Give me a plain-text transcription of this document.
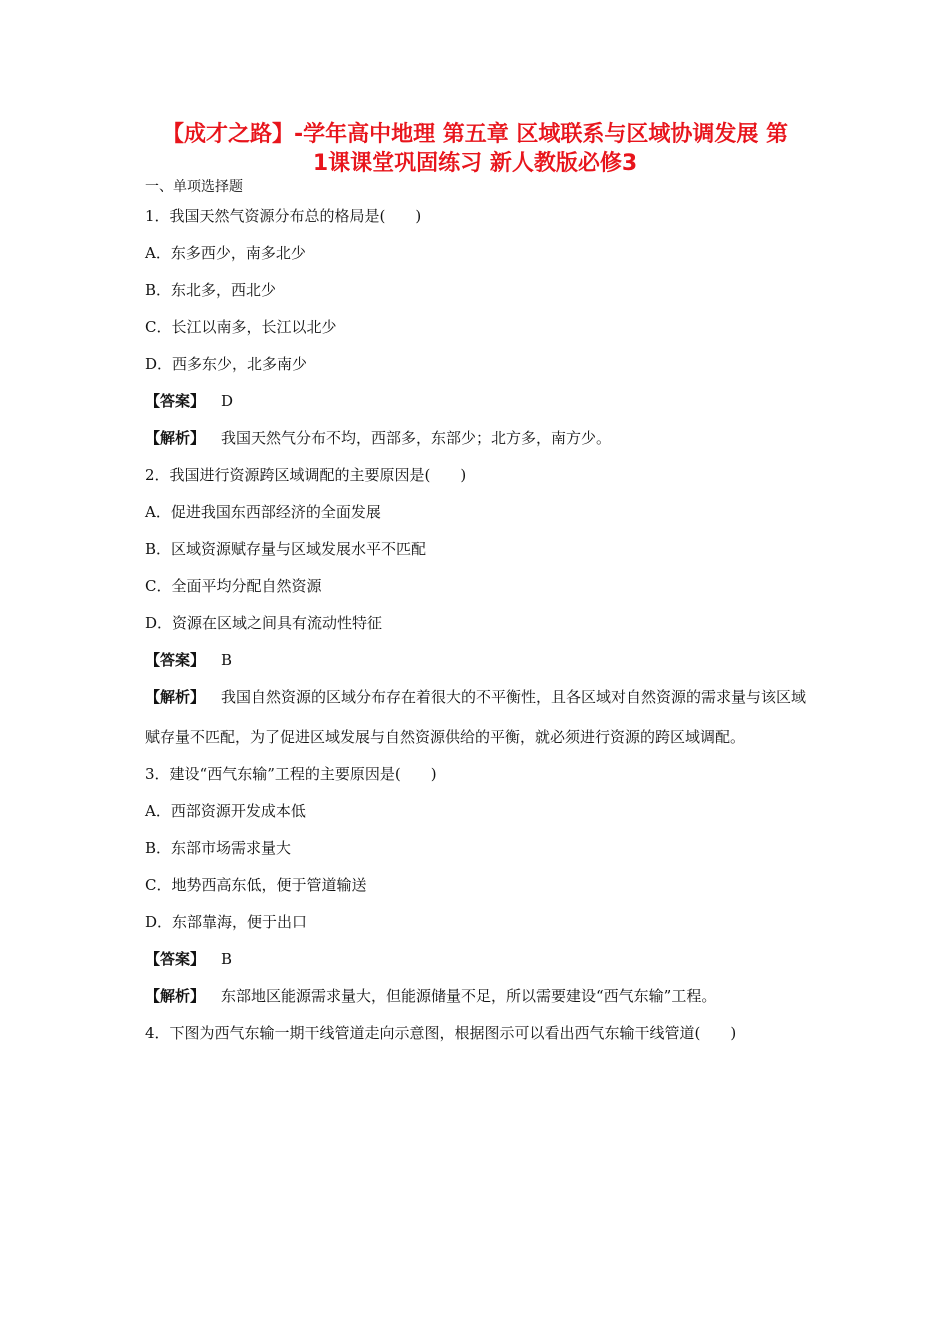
【成才之路】-学年高中地理 第五章 区域联系与区域协调发展 第
1课课堂巩固练习 新人教版必修3
一、单项选择题
1．我国天然气资源分布总的格局是(　　)
A．东多西少，南多北少
B．东北多，西北少
C．长江以南多，长江以北少
D．西多东少，北多南少
【答案】 D
【解析】 我国天然气分布不均，西部多，东部少；北方多，南方少。
2．我国进行资源跨区域调配的主要原因是(　　)
A．促进我国东西部经济的全面发展
B．区域资源赋存量与区域发展水平不匹配
C．全面平均分配自然资源
D．资源在区域之间具有流动性特征
【答案】 B
【解析】 我国自然资源的区域分布存在着很大的不平衡性，且各区域对自然资源的需求量与该区域赋存量不匹配，为了促进区域发展与自然资源供给的平衡，就必须进行资源的跨区域调配。
3．建设“西气东输”工程的主要原因是(　　)
A．西部资源开发成本低
B．东部市场需求量大
C．地势西高东低，便于管道输送
D．东部靠海，便于出口
【答案】 B
【解析】 东部地区能源需求量大，但能源储量不足，所以需要建设“西气东输”工程。
4．下图为西气东输一期干线管道走向示意图，根据图示可以看出西气东输干线管道(　　)
